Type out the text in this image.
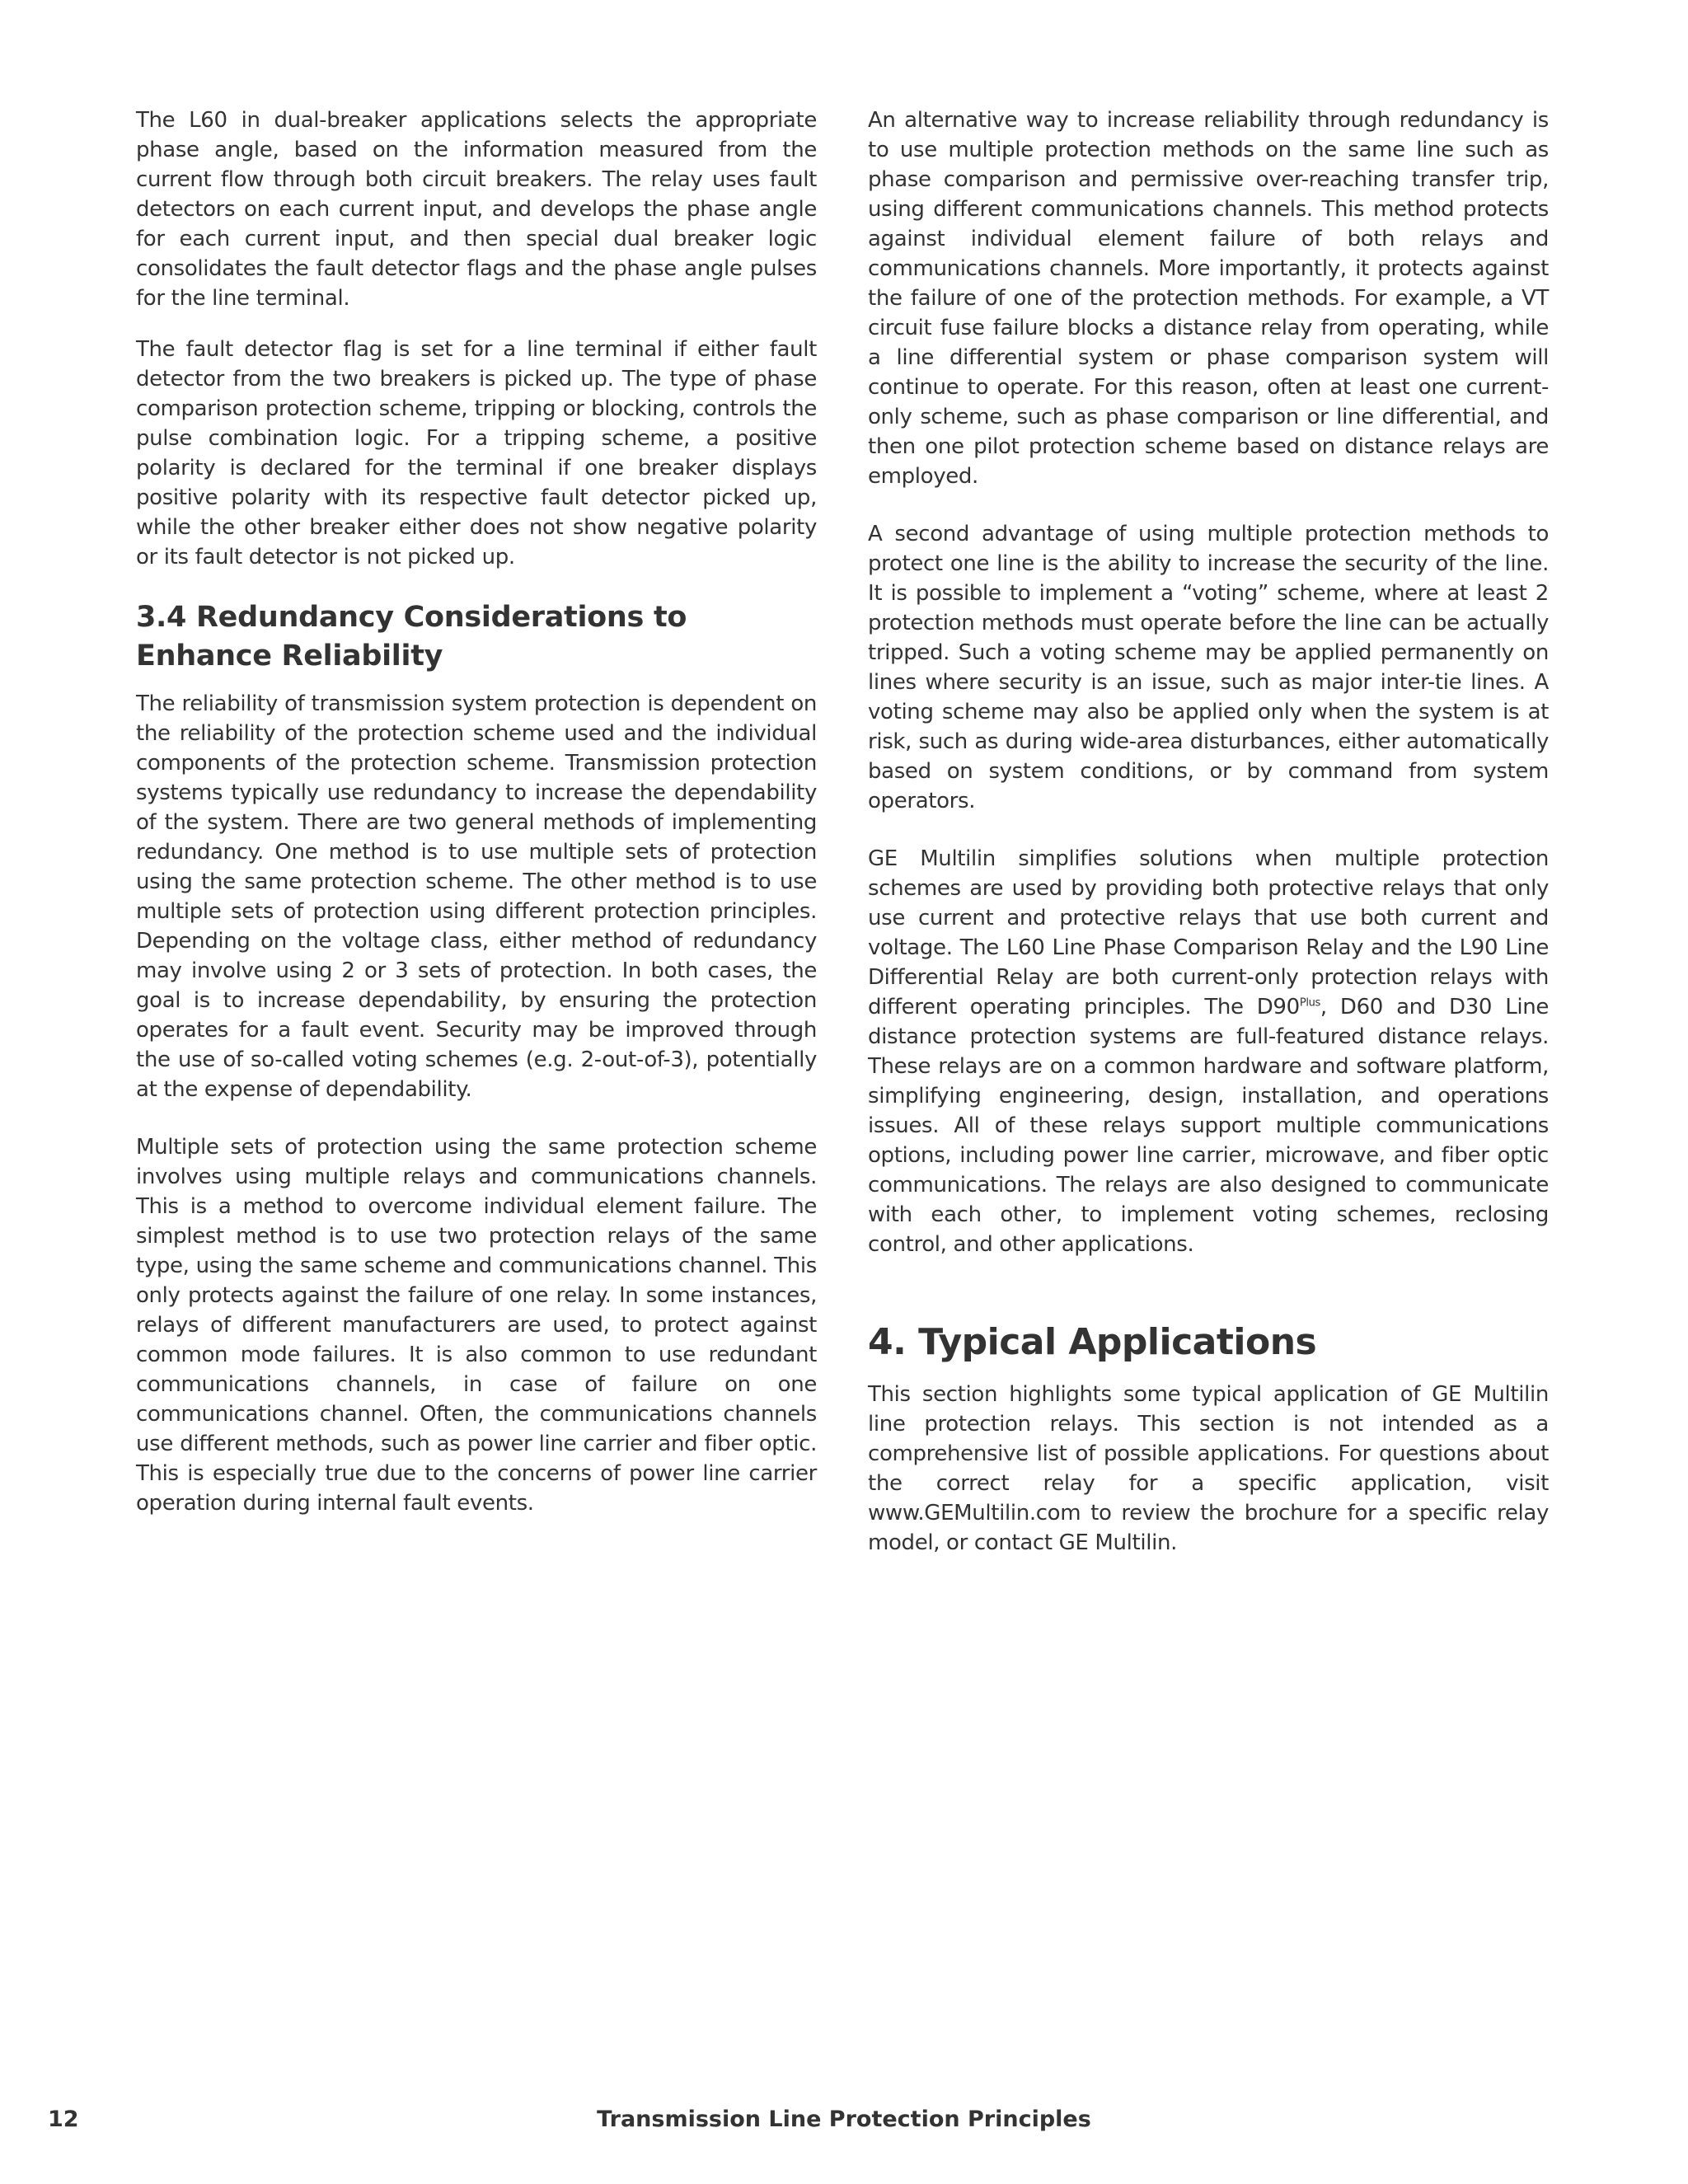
The L60 in dual-breaker applications selects the appropriate phase angle, based on the information measured from the current flow through both circuit breakers. The relay uses fault detectors on each current input, and develops the phase angle for each current input, and then special dual breaker logic consolidates the fault detector flags and the phase angle pulses for the line terminal.

The fault detector flag is set for a line terminal if either fault detector from the two breakers is picked up. The type of phase comparison protection scheme, tripping or blocking, controls the pulse combination logic. For a tripping scheme, a positive polarity is declared for the terminal if one breaker displays positive polarity with its respective fault detector picked up, while the other breaker either does not show negative polarity or its fault detector is not picked up.

3.4 Redundancy Considerations to Enhance Reliability

The reliability of transmission system protection is dependent on the reliability of the protection scheme used and the individual components of the protection scheme. Transmission protection systems typically use redundancy to increase the dependability of the system. There are two general methods of implementing redundancy. One method is to use multiple sets of protection using the same protection scheme. The other method is to use multiple sets of protection using different protection principles. Depending on the voltage class, either method of redundancy may involve using 2 or 3 sets of protection. In both cases, the goal is to increase dependability, by ensuring the protection operates for a fault event. Security may be improved through the use of so-called voting schemes (e.g. 2-out-of-3), potentially at the expense of dependability.

Multiple sets of protection using the same protection scheme involves using multiple relays and communications channels. This is a method to overcome individual element failure. The simplest method is to use two protection relays of the same type, using the same scheme and communications channel. This only protects against the failure of one relay. In some instances, relays of different manufacturers are used, to protect against common mode failures. It is also common to use redundant communications channels, in case of failure on one communications channel. Often, the communications channels use different methods, such as power line carrier and fiber optic. This is especially true due to the concerns of power line carrier operation during internal fault events.

An alternative way to increase reliability through redundancy is to use multiple protection methods on the same line such as phase comparison and permissive over-reaching transfer trip, using different communications channels. This method protects against individual element failure of both relays and communications channels. More importantly, it protects against the failure of one of the protection methods. For example, a VT circuit fuse failure blocks a distance relay from operating, while a line differential system or phase comparison system will continue to operate. For this reason, often at least one current-only scheme, such as phase comparison or line differential, and then one pilot protection scheme based on distance relays are employed.

A second advantage of using multiple protection methods to protect one line is the ability to increase the security of the line. It is possible to implement a “voting” scheme, where at least 2 protection methods must operate before the line can be actually tripped. Such a voting scheme may be applied permanently on lines where security is an issue, such as major inter-tie lines. A voting scheme may also be applied only when the system is at risk, such as during wide-area disturbances, either automatically based on system conditions, or by command from system operators.

GE Multilin simplifies solutions when multiple protection schemes are used by providing both protective relays that only use current and protective relays that use both current and voltage. The L60 Line Phase Comparison Relay and the L90 Line Differential Relay are both current-only protection relays with different operating principles. The $D90^{Plus}$, D60 and D30 Line distance protection systems are full-featured distance relays. These relays are on a common hardware and software platform, simplifying engineering, design, installation, and operations issues. All of these relays support multiple communications options, including power line carrier, microwave, and fiber optic communications. The relays are also designed to communicate with each other, to implement voting schemes, reclosing control, and other applications.

4. Typical Applications

This section highlights some typical application of GE Multilin line protection relays. This section is not intended as a comprehensive list of possible applications. For questions about the correct relay for a specific application, visit www.GEMultilin.com to review the brochure for a specific relay model, or contact GE Multilin.

12	Transmission Line Protection Principles
